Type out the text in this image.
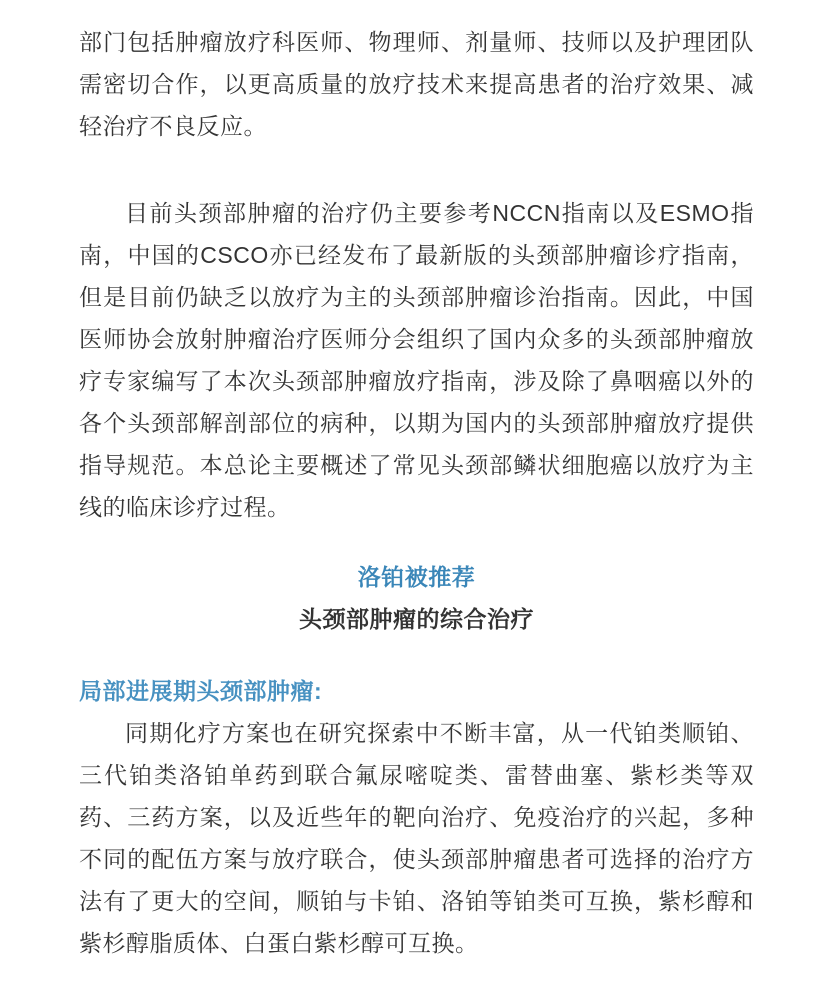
部门包括肿瘤放疗科医师、物理师、剂量师、技师以及护理团队需密切合作，以更高质量的放疗技术来提高患者的治疗效果、减轻治疗不良反应。

目前头颈部肿瘤的治疗仍主要参考NCCN指南以及ESMO指南，中国的CSCO亦已经发布了最新版的头颈部肿瘤诊疗指南，但是目前仍缺乏以放疗为主的头颈部肿瘤诊治指南。因此，中国医师协会放射肿瘤治疗医师分会组织了国内众多的头颈部肿瘤放疗专家编写了本次头颈部肿瘤放疗指南，涉及除了鼻咽癌以外的各个头颈部解剖部位的病种，以期为国内的头颈部肿瘤放疗提供指导规范。本总论主要概述了常见头颈部鳞状细胞癌以放疗为主线的临床诊疗过程。

洛铂被推荐
头颈部肿瘤的综合治疗
局部进展期头颈部肿瘤:

同期化疗方案也在研究探索中不断丰富，从一代铂类顺铂、三代铂类洛铂单药到联合氟尿嘧啶类、雷替曲塞、紫杉类等双药、三药方案，以及近些年的靶向治疗、免疫治疗的兴起，多种不同的配伍方案与放疗联合，使头颈部肿瘤患者可选择的治疗方法有了更大的空间，顺铂与卡铂、洛铂等铂类可互换，紫杉醇和紫杉醇脂质体、白蛋白紫杉醇可互换。
